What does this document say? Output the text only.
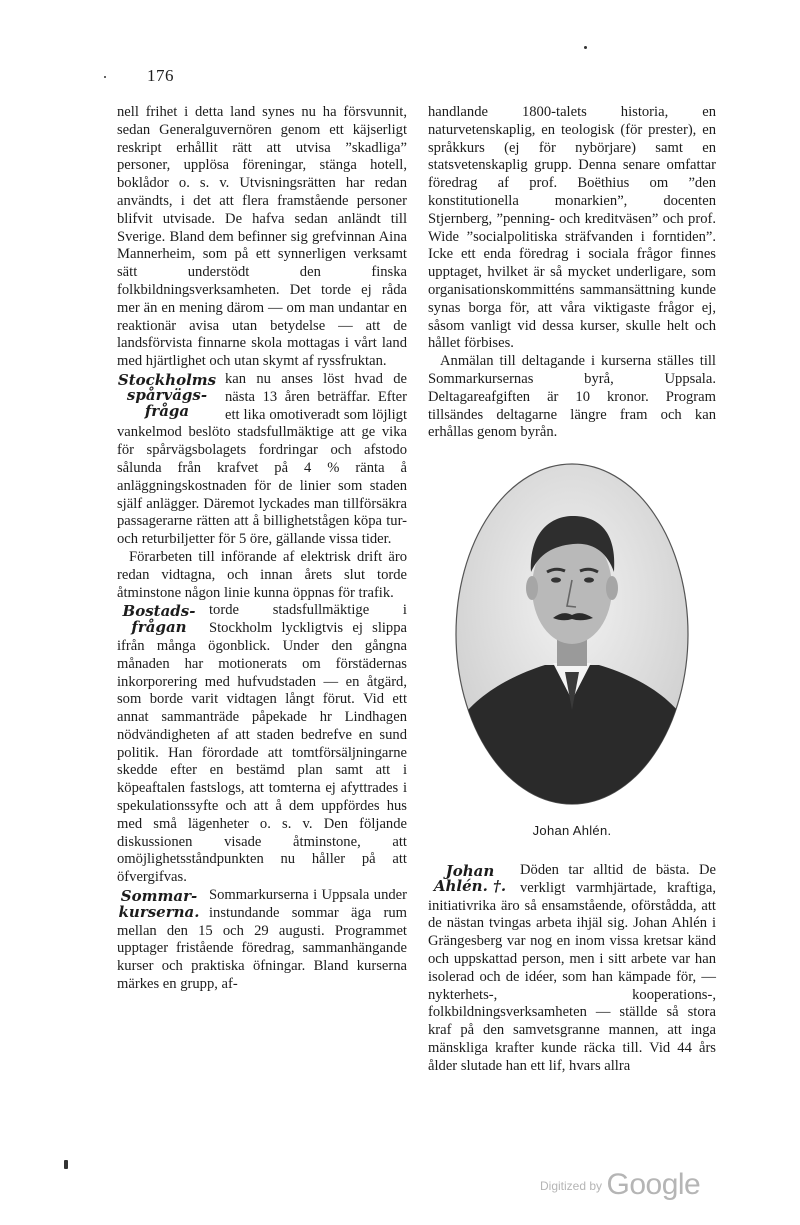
176

nell frihet i detta land synes nu ha försvunnit, sedan Generalguvernören genom ett käjserligt reskript erhållit rätt att utvisa ”skadliga” personer, upplösa föreningar, stänga hotell, boklådor o. s. v. Utvisningsrätten har redan användts, i det att flera framstående personer blifvit utvisade. De hafva sedan anländt till Sverige. Bland dem befinner sig grefvinnan Aina Mannerheim, som på ett synnerligen verksamt sätt understödt den finska folkbildningsverksamheten. Det torde ej råda mer än en mening därom — om man undantar en reaktionär avisa utan betydelse — att de landsförvista finnarne skola mottagas i vårt land med hjärtlighet och utan skymt af ryssfruktan.

Stockholms spårvägs-fråga

kan nu anses löst hvad de nästa 13 åren beträffar. Efter ett lika omotiveradt som löjligt vankelmod beslöto stadsfullmäktige att ge vika för spårvägsbolagets fordringar och afstodo sålunda från krafvet på 4 % ränta å anläggningskostnaden för de linier som staden själf anlägger. Däremot lyckades man tillförsäkra passagerarne rätten att å billighetstågen köpa tur- och returbiljetter för 5 öre, gällande vissa tider.

Förarbeten till införande af elektrisk drift äro redan vidtagna, och innan årets slut torde åtminstone någon linie kunna öppnas för trafik.

Bostads-frågan

torde stadsfullmäktige i Stockholm lyckligtvis ej slippa ifrån många ögonblick. Under den gångna månaden har motionerats om förstädernas inkorporering med hufvudstaden — en åtgärd, som borde varit vidtagen långt förut. Vid ett annat sammanträde påpekade hr Lindhagen nödvändigheten af att staden bedrefve en sund politik. Han förordade att tomtförsäljningarne skedde efter en bestämd plan samt att i köpeaftalen fastslogs, att tomterna ej afyttrades i spekulationssyfte och att å dem uppfördes hus med små lägenheter o. s. v. Den följande diskussionen visade åtminstone, att omöjlighetsståndpunkten nu håller på att öfvergifvas.

Sommar-kurserna.

Sommarkurserna i Uppsala under instundande sommar äga rum mellan den 15 och 29 augusti. Programmet upptager fristående föredrag, sammanhängande kurser och praktiska öfningar. Bland kurserna märkes en grupp, af-

handlande 1800-talets historia, en naturvetenskaplig, en teologisk (för prester), en språkkurs (ej för nybörjare) samt en statsvetenskaplig grupp. Denna senare omfattar föredrag af prof. Boëthius om ”den konstitutionella monarkien”, docenten Stjernberg, ”penning- och kreditväsen” och prof. Wide ”socialpolitiska sträfvanden i forntiden”. Icke ett enda föredrag i sociala frågor finnes upptaget, hvilket är så mycket underligare, som organisationskommitténs sammansättning kunde synas borga för, att våra viktigaste frågor ej, såsom vanligt vid dessa kurser, skulle helt och hållet förbises.

Anmälan till deltagande i kurserna ställes till Sommarkursernas byrå, Uppsala. Deltagareafgiften är 10 kronor. Program tillsändes deltagarne längre fram och kan erhållas genom byrån.

Johan Ahlén.
Johan Ahlén. †.

Döden tar alltid de bästa. De verkligt varmhjärtade, kraftiga, initiativrika äro så ensamstående, oförstådda, att de nästan tvingas arbeta ihjäl sig. Johan Ahlén i Grängesberg var nog en inom vissa kretsar känd och uppskattad person, men i sitt arbete var han isolerad och de idéer, som han kämpade för, — nykterhets-, kooperations-, folkbildningsverksamheten — ställde så stora kraf på den samvetsgranne mannen, att inga mänskliga krafter kunde räcka till. Vid 44 års ålder slutade han ett lif, hvars allra

$^{Digitized by}$ Google
